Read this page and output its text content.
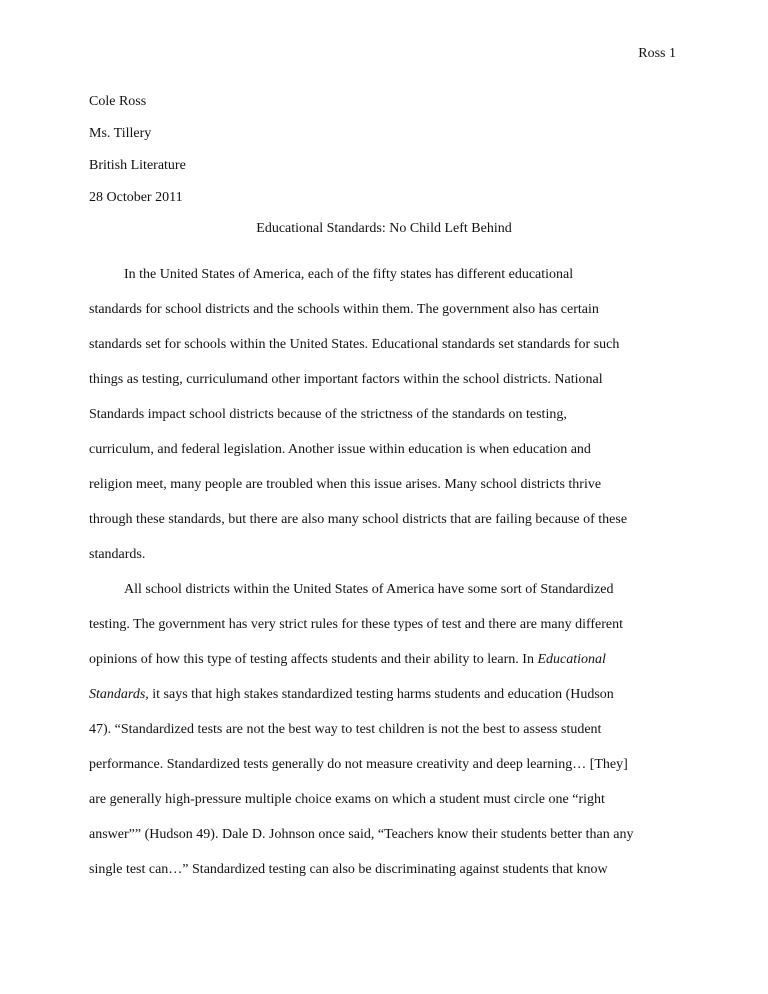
Ross 1
Cole Ross
Ms. Tillery
British Literature
28 October 2011
Educational Standards: No Child Left Behind
In the United States of America, each of the fifty states has different educational
standards for school districts and the schools within them. The government also has certain
standards set for schools within the United States. Educational standards set standards for such
things as testing, curriculumand other important factors within the school districts. National
Standards impact school districts because of the strictness of the standards on testing,
curriculum, and federal legislation. Another issue within education is when education and
religion meet, many people are troubled when this issue arises. Many school districts thrive
through these standards, but there are also many school districts that are failing because of these
standards.
All school districts within the United States of America have some sort of Standardized
testing. The government has very strict rules for these types of test and there are many different
opinions of how this type of testing affects students and their ability to learn. In Educational
Standards, it says that high stakes standardized testing harms students and education (Hudson
47). “Standardized tests are not the best way to test children is not the best to assess student
performance. Standardized tests generally do not measure creativity and deep learning… [They]
are generally high-pressure multiple choice exams on which a student must circle one “right
answer”” (Hudson 49). Dale D. Johnson once said, “Teachers know their students better than any
single test can…” Standardized testing can also be discriminating against students that know
